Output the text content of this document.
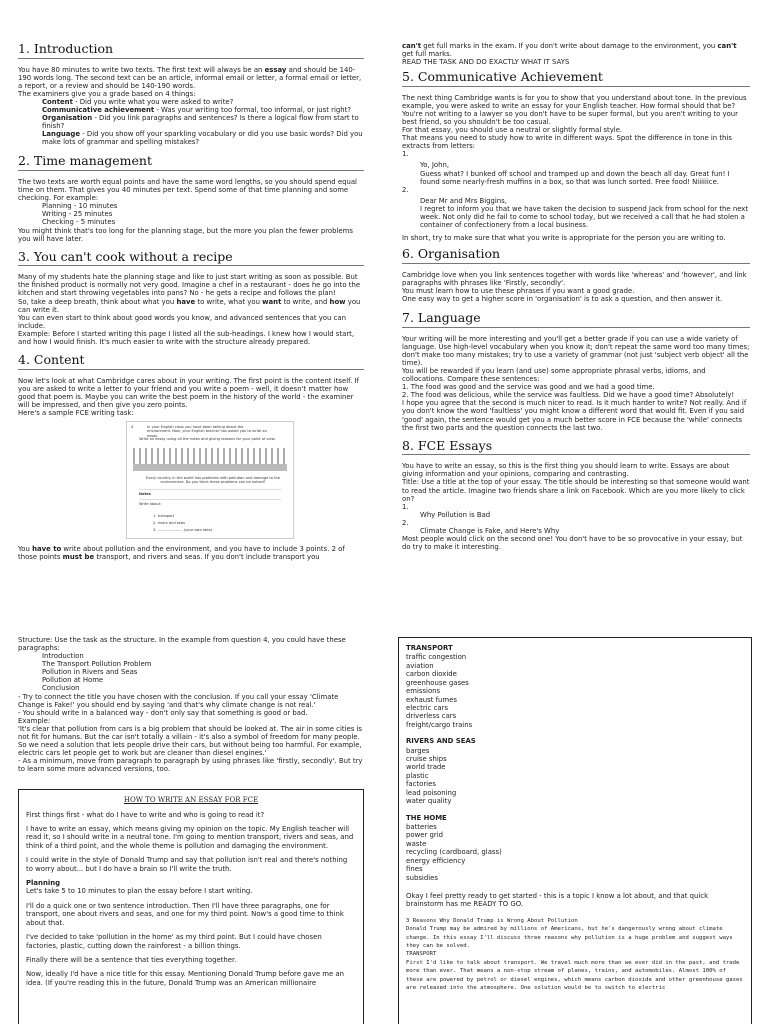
1. Introduction

You have 80 minutes to write two texts. The first text will always be an essay and should be 140-190 words long. The second text can be an article, informal email or letter, a formal email or letter, a report, or a review and should be 140-190 words.
The examiners give you a grade based on 4 things:

Content - Did you write what you were asked to write?

Communicative achievement - Was your writing too formal, too informal, or just right?

Organisation - Did you link paragraphs and sentences? Is there a logical flow from start to finish?

Language - Did you show off your sparkling vocabulary or did you use basic words? Did you make lots of grammar and spelling mistakes?

2. Time management

The two texts are worth equal points and have the same word lengths, so you should spend equal time on them. That gives you 40 minutes per text. Spend some of that time planning and some checking. For example:

Planning - 10 minutes

Writing - 25 minutes

Checking - 5 minutes

You might think that's too long for the planning stage, but the more you plan the fewer problems you will have later.

3. You can't cook without a recipe

Many of my students hate the planning stage and like to just start writing as soon as possible. But the finished product is normally not very good. Imagine a chef in a restaurant - does he go into the kitchen and start throwing vegetables into pans? No - he gets a recipe and follows the plan!

So, take a deep breath, think about what you have to write, what you want to write, and how you can write it.

You can even start to think about good words you know, and advanced sentences that you can include.

Example: Before I started writing this page I listed all the sub-headings. I knew how I would start, and how I would finish. It's much easier to write with the structure already prepared.

4. Content

Now let's look at what Cambridge cares about in your writing. The first point is the content itself. If you are asked to write a letter to your friend and you write a poem - well, it doesn't matter how good that poem is. Maybe you can write the best poem in the history of the world - the examiner will be impressed, and then give you zero points.

Here's a sample FCE writing task:

4	In your English class you have been talking about the environment. Now, your English teacher has asked you to write an essay.
Write an essay using all the notes and giving reasons for your point of view.
Every country in the world has problems with pollution and damage to the environment. Do you think these problems can be solved?
Notes
Write about:
1. transport
2. rivers and seas
3. ...................... (your own idea)

You have to write about pollution and the environment, and you have to include 3 points. 2 of those points must be transport, and rivers and seas. If you don't include transport you

can't get full marks in the exam. If you don't write about damage to the environment, you can't get full marks.
READ THE TASK AND DO EXACTLY WHAT IT SAYS

5. Communicative Achievement

The next thing Cambridge wants is for you to show that you understand about tone. In the previous example, you were asked to write an essay for your English teacher. How formal should that be? You're not writing to a lawyer so you don't have to be super formal, but you aren't writing to your best friend, so you shouldn't be too casual.

For that essay, you should use a neutral or slightly formal style.

That means you need to study how to write in different ways. Spot the difference in tone in this extracts from letters:

1.

Yo, John,

Guess what? I bunked off school and tramped up and down the beach all day. Great fun! I found some nearly-fresh muffins in a box, so that was lunch sorted. Free food! Niiiiiice.

2.

Dear Mr and Mrs Biggins,

I regret to inform you that we have taken the decision to suspend Jack from school for the next week. Not only did he fail to come to school today, but we received a call that he had stolen a container of confectionery from a local business.

In short, try to make sure that what you write is appropriate for the person you are writing to.

6. Organisation

Cambridge love when you link sentences together with words like 'whereas' and 'however', and link paragraphs with phrases like 'Firstly, secondly'.

You must learn how to use these phrases if you want a good grade.

One easy way to get a higher score in 'organisation' is to ask a question, and then answer it.

7. Language

Your writing will be more interesting and you'll get a better grade if you can use a wide variety of language. Use high-level vocabulary when you know it; don't repeat the same word too many times; don't make too many mistakes; try to use a variety of grammar (not just 'subject verb object' all the time).

You will be rewarded if you learn (and use) some appropriate phrasal verbs, idioms, and collocations. Compare these sentences:

1. The food was good and the service was good and we had a good time.

2. The food was delicious, while the service was faultless. Did we have a good time? Absolutely!

I hope you agree that the second is much nicer to read. Is it much harder to write? Not really. And if you don't know the word 'faultless' you might know a different word that would fit. Even if you said 'good' again, the sentence would get you a much better score in FCE because the 'while' connects the first two parts and the question connects the last two.

8. FCE Essays

You have to write an essay, so this is the first thing you should learn to write. Essays are about giving information and your opinions, comparing and contrasting.

Title: Use a title at the top of your essay. The title should be interesting so that someone would want to read the article. Imagine two friends share a link on Facebook. Which are you more likely to click on?

1.

Why Pollution is Bad

2.

Climate Change is Fake, and Here's Why

Most people would click on the second one! You don't have to be so provocative in your essay, but do try to make it interesting.

Structure: Use the task as the structure. In the example from question 4, you could have these paragraphs:

Introduction

The Transport Pollution Problem

Pollution in Rivers and Seas

Pollution at Home

Conclusion

- Try to connect the title you have chosen with the conclusion. If you call your essay 'Climate Change is Fake!' you should end by saying 'and that's why climate change is not real.'

- You should write in a balanced way - don't only say that something is good or bad.

Example:

'It's clear that pollution from cars is a big problem that should be looked at. The air in some cities is not fit for humans. But the car isn't totally a villain - it's also a symbol of freedom for many people. So we need a solution that lets people drive their cars, but without being too harmful. For example, electric cars let people get to work but are cleaner than diesel engines.'

- As a minimum, move from paragraph to paragraph by using phrases like 'firstly, secondly'. But try to learn some more advanced versions, too.

HOW TO WRITE AN ESSAY FOR FCE

First things first - what do I have to write and who is going to read it?

I have to write an essay, which means giving my opinion on the topic. My English teacher will read it, so I should write in a neutral tone. I'm going to mention transport, rivers and seas, and think of a third point, and the whole theme is pollution and damaging the environment.

I could write in the style of Donald Trump and say that pollution isn't real and there's nothing to worry about... but I do have a brain so I'll write the truth.

Planning
Let's take 5 to 10 minutes to plan the essay before I start writing.

I'll do a quick one or two sentence introduction. Then I'll have three paragraphs, one for transport, one about rivers and seas, and one for my third point. Now's a good time to think about that.

I've decided to take 'pollution in the home' as my third point. But I could have chosen factories, plastic, cutting down the rainforest - a billion things.

Finally there will be a sentence that ties everything together.

Now, ideally I'd have a nice title for this essay. Mentioning Donald Trump before gave me an idea. (If you're reading this in the future, Donald Trump was an American millionaire

TRANSPORT
traffic congestion
aviation
carbon dioxide
greenhouse gases
emissions
exhaust fumes
electric cars
driverless cars
freight/cargo trains
RIVERS AND SEAS
barges
cruise ships
world trade
plastic
factories
lead poisoning
water quality
THE HOME
batteries
power grid
waste
recycling (cardboard, glass)
energy efficiency
fines
subsidies

Okay I feel pretty ready to get started - this is a topic I know a lot about, and that quick brainstorm has me READY TO GO.

3 Reasons Why Donald Trump is Wrong About Pollution
Donald Trump may be admired by millions of Americans, but he's dangerously wrong about climate change. In this essay I'll discuss three reasons why pollution is a huge problem and suggest ways they can be solved.
TRANSPORT
First I'd like to talk about transport. We travel much more than we ever did in the past, and trade more than ever. That means a non-stop stream of planes, trains, and automobiles. Almost 100% of these are powered by petrol or diesel engines, which means carbon dioxide and other greenhouse gases are released into the atmosphere. One solution would be to switch to electric
